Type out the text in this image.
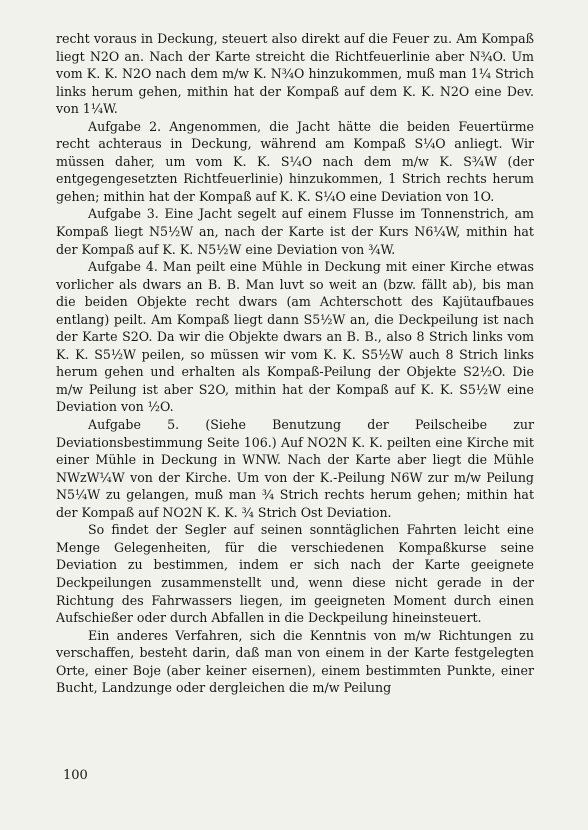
recht voraus in Deckung, steuert also direkt auf die Feuer zu. Am Kompaß liegt N2O an. Nach der Karte streicht die Richtfeuerlinie aber N¾O. Um vom K. K. N2O nach dem m/w K. N¾O hinzukommen, muß man 1¼ Strich links herum gehen, mithin hat der Kompaß auf dem K. K. N2O eine Dev. von 1¼W.

Aufgabe 2. Angenommen, die Jacht hätte die beiden Feuertürme recht achteraus in Deckung, während am Kompaß S¼O anliegt. Wir müssen daher, um vom K. K. S¼O nach dem m/w K. S¾W (der entgegengesetzten Richtfeuerlinie) hinzukommen, 1 Strich rechts herum gehen; mithin hat der Kompaß auf K. K. S¼O eine Deviation von 1O.

Aufgabe 3. Eine Jacht segelt auf einem Flusse im Tonnenstrich, am Kompaß liegt N5½W an, nach der Karte ist der Kurs N6¼W, mithin hat der Kompaß auf K. K. N5½W eine Deviation von ¾W.

Aufgabe 4. Man peilt eine Mühle in Deckung mit einer Kirche etwas vorlicher als dwars an B. B. Man luvt so weit an (bzw. fällt ab), bis man die beiden Objekte recht dwars (am Achterschott des Kajütaufbaues entlang) peilt. Am Kompaß liegt dann S5½W an, die Deckpeilung ist nach der Karte S2O. Da wir die Objekte dwars an B. B., also 8 Strich links vom K. K. S5½W peilen, so müssen wir vom K. K. S5½W auch 8 Strich links herum gehen und erhalten als Kompaß-Peilung der Objekte S2½O. Die m/w Peilung ist aber S2O, mithin hat der Kompaß auf K. K. S5½W eine Deviation von ½O.

Aufgabe 5. (Siehe Benutzung der Peilscheibe zur Deviationsbestimmung Seite 106.) Auf NO2N K. K. peilten eine Kirche mit einer Mühle in Deckung in WNW. Nach der Karte aber liegt die Mühle NWzW¼W von der Kirche. Um von der K.-Peilung N6W zur m/w Peilung N5¼W zu gelangen, muß man ¾ Strich rechts herum gehen; mithin hat der Kompaß auf NO2N K. K. ¾ Strich Ost Deviation.

So findet der Segler auf seinen sonntäglichen Fahrten leicht eine Menge Gelegenheiten, für die verschiedenen Kompaßkurse seine Deviation zu bestimmen, indem er sich nach der Karte geeignete Deckpeilungen zusammenstellt und, wenn diese nicht gerade in der Richtung des Fahrwassers liegen, im geeigneten Moment durch einen Aufschießer oder durch Abfallen in die Deckpeilung hineinsteuert.

Ein anderes Verfahren, sich die Kenntnis von m/w Richtungen zu verschaffen, besteht darin, daß man von einem in der Karte festgelegten Orte, einer Boje (aber keiner eisernen), einem bestimmten Punkte, einer Bucht, Landzunge oder dergleichen die m/w Peilung

100
